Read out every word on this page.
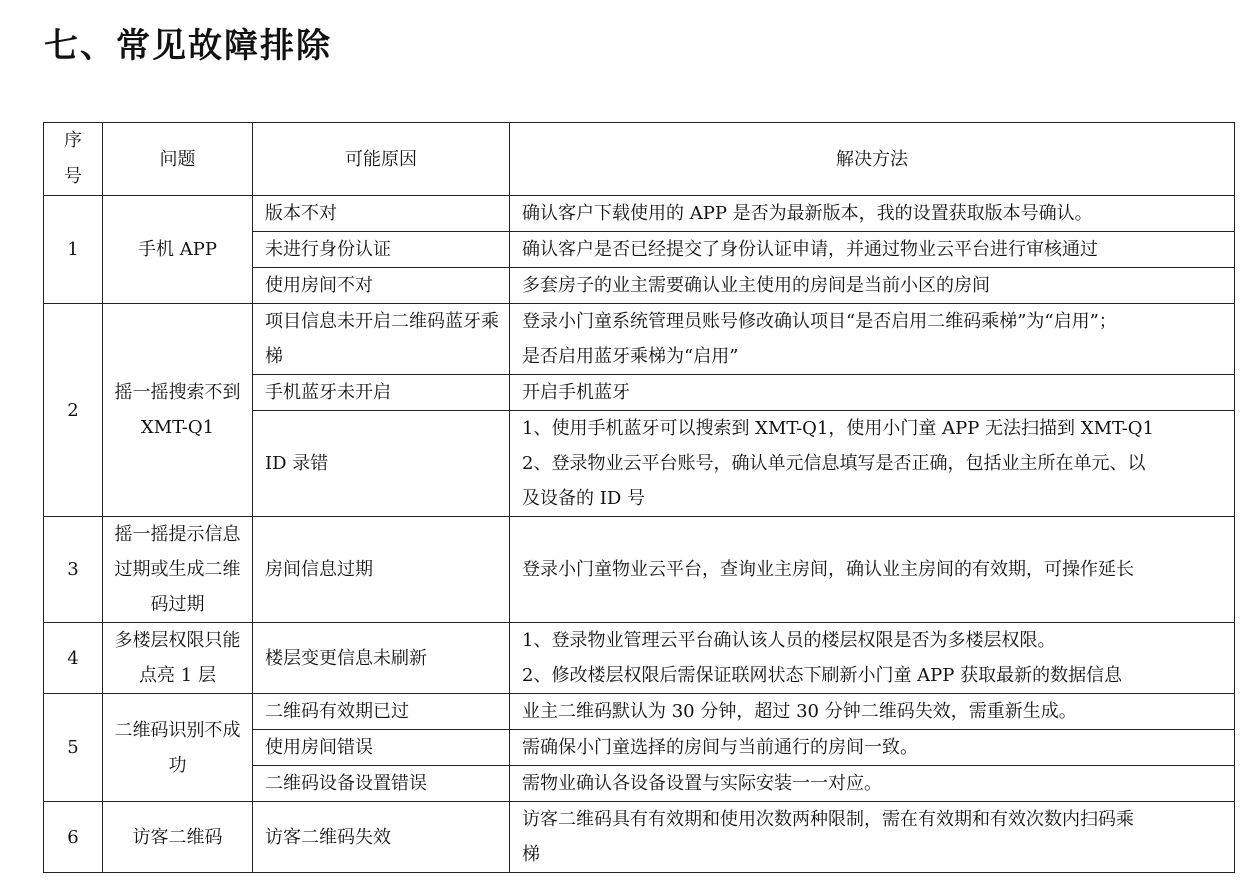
七、常见故障排除
序
号	问题	可能原因	解决方法
1	手机 APP	版本不对	确认客户下载使用的 APP 是否为最新版本，我的设置获取版本号确认。

		未进行身份认证	确认客户是否已经提交了身份认证申请，并通过物业云平台进行审核通过

		使用房间不对	多套房子的业主需要确认业主使用的房间是当前小区的房间

2	摇一摇搜索不到 XMT-Q1	项目信息未开启二维码蓝牙乘梯	登录小门童系统管理员账号修改确认项目“是否启用二维码乘梯”为“启用”；
是否启用蓝牙乘梯为“启用”

		手机蓝牙未开启	开启手机蓝牙

		ID 录错	1、使用手机蓝牙可以搜索到 XMT-Q1，使用小门童 APP 无法扫描到 XMT-Q1
2、登录物业云平台账号，确认单元信息填写是否正确，包括业主所在单元、以
及设备的 ID 号

3	摇一摇提示信息过期或生成二维码过期	房间信息过期	登录小门童物业云平台，查询业主房间，确认业主房间的有效期，可操作延长

4	多楼层权限只能点亮 1 层	楼层变更信息未刷新	1、登录物业管理云平台确认该人员的楼层权限是否为多楼层权限。
2、修改楼层权限后需保证联网状态下刷新小门童 APP 获取最新的数据信息

5	二维码识别不成功	二维码有效期已过	业主二维码默认为 30 分钟，超过 30 分钟二维码失效，需重新生成。

		使用房间错误	需确保小门童选择的房间与当前通行的房间一致。

		二维码设备设置错误	需物业确认各设备设置与实际安装一一对应。

6	访客二维码	访客二维码失效	访客二维码具有有效期和使用次数两种限制，需在有效期和有效次数内扫码乘
梯
